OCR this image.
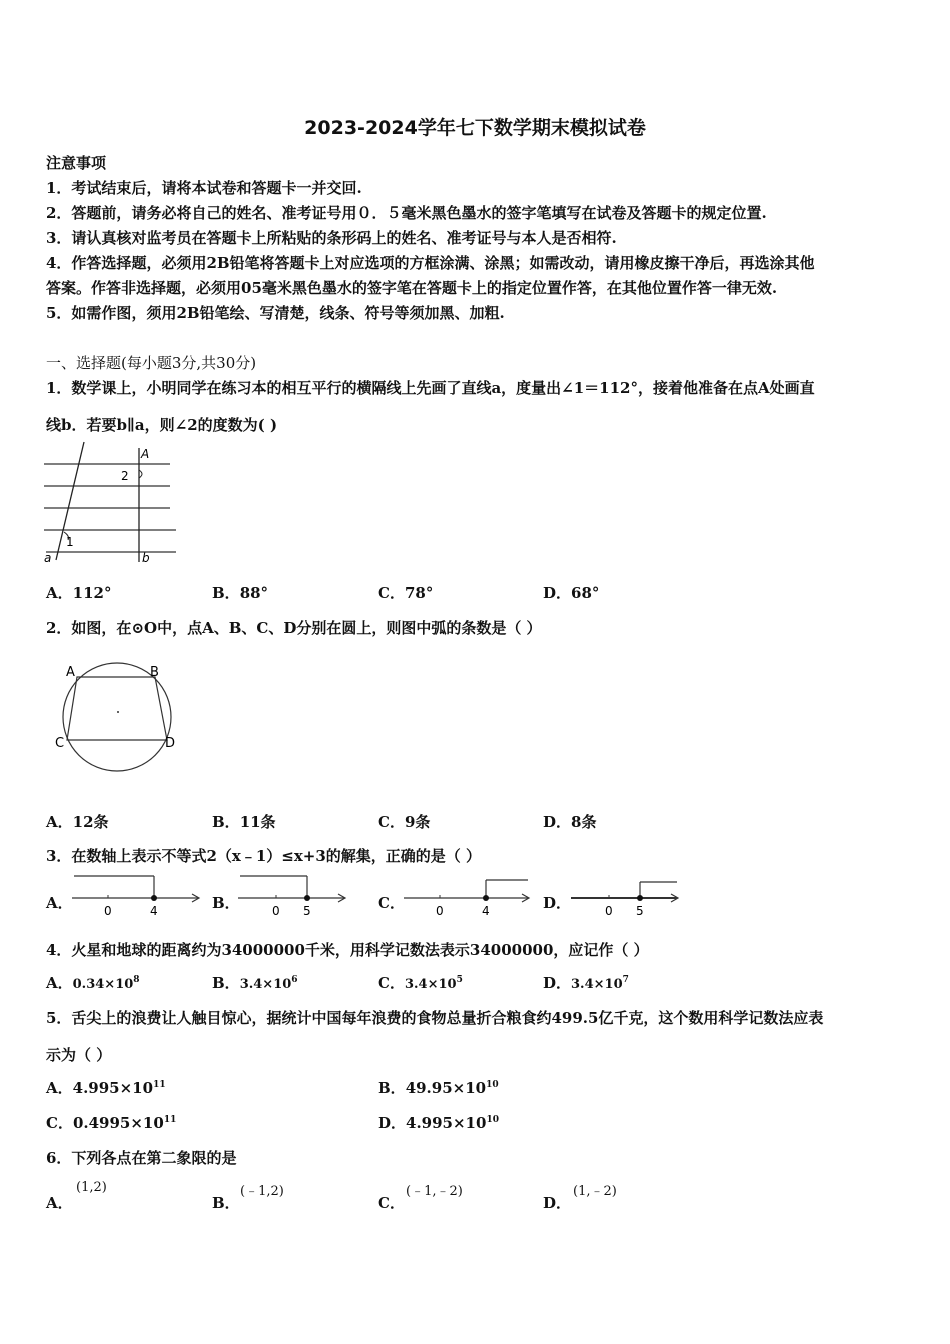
2023-2024学年七下数学期末模拟试卷
注意事项
1．考试结束后，请将本试卷和答题卡一并交回.
2．答题前，请务必将自己的姓名、准考证号用０．５毫米黑色墨水的签字笔填写在试卷及答题卡的规定位置.
3．请认真核对监考员在答题卡上所粘贴的条形码上的姓名、准考证号与本人是否相符.
4．作答选择题，必须用2B铅笔将答题卡上对应选项的方框涂满、涂黑；如需改动，请用橡皮擦干净后，再选涂其他
答案。作答非选择题，必须用05毫米黑色墨水的签字笔在答题卡上的指定位置作答，在其他位置作答一律无效.
5．如需作图，须用2B铅笔绘、写清楚，线条、符号等须加黑、加粗.
一、选择题(每小题3分,共30分)
1．数学课上，小明同学在练习本的相互平行的横隔线上先画了直线a，度量出∠1＝112°，接着他准备在点A处画直
线b．若要b∥a，则∠2的度数为( )
A
2
1
a	b
A．112°	B．88°	C．78°	D．68°
2．如图，在⊙O中，点A、B、C、D分别在圆上，则图中弧的条数是（ ）
A	B
C	D
A．12条	B．11条	C．9条	D．8条
3．在数轴上表示不等式2（x﹣1）≤x+3的解集，正确的是（ ）
A．	0	4	B．	0 5	C．	0	4	D．	0 5
4．火星和地球的距离约为34000000千米，用科学记数法表示34000000，应记作（ ）
A．$0.34\times 10^8$	B．$3.4\times 10^6$	C．$3.4\times 10^5$	D．$3.4\times 10^7$
5．舌尖上的浪费让人触目惊心，据统计中国每年浪费的食物总量折合粮食约499.5亿千克，这个数用科学记数法应表
示为（ ）
A．$4.995\times 10^{11}$	B．$49.95\times 10^{10}$
C．$0.4995\times 10^{11}$	D．$4.995\times 10^{10}$
6．下列各点在第二象限的是
A．
(1,2)
B．
(﹣1,2)
C．
(﹣1,﹣2)
D．
(1,﹣2)
